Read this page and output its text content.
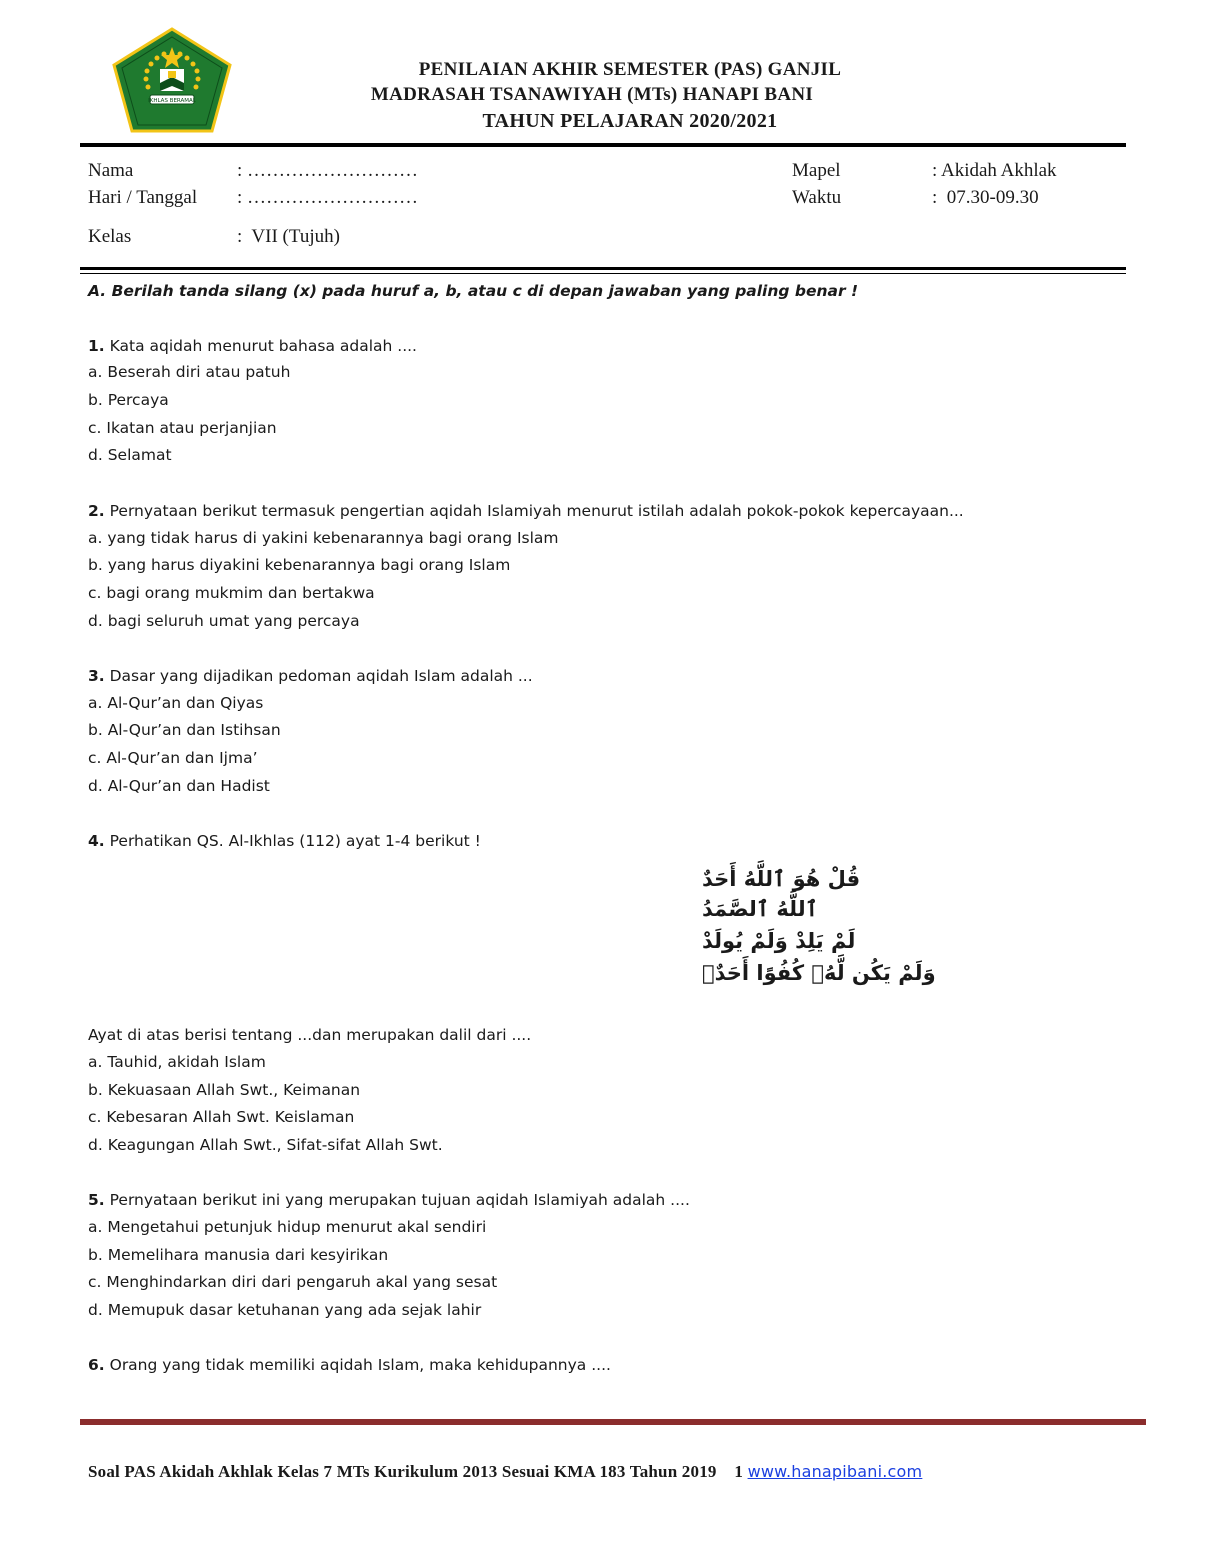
IKHLAS BERAMAL
PENILAIAN AKHIR SEMESTER (PAS) GANJIL
MADRASAH TSANAWIYAH (MTs) HANAPI BANI
TAHUN PELAJARAN 2020/2021
Nama	: ………………………
Hari / Tanggal : ………………………
Kelas	:  VII (Tujuh)
Mapel	: Akidah Akhlak
Waktu	:  07.30-09.30
A. Berilah tanda silang (x) pada huruf a, b, atau c di depan jawaban yang paling benar !
1. Kata aqidah menurut bahasa adalah ....
a. Beserah diri atau patuh
b. Percaya
c. Ikatan atau perjanjian
d. Selamat
2. Pernyataan berikut termasuk pengertian aqidah Islamiyah menurut istilah adalah pokok-pokok kepercayaan...
a. yang tidak harus di yakini kebenarannya bagi orang Islam
b. yang harus diyakini kebenarannya bagi orang Islam
c. bagi orang mukmim dan bertakwa
d. bagi seluruh umat yang percaya
3. Dasar yang dijadikan pedoman aqidah Islam adalah ...
a. Al-Qur’an dan Qiyas
b. Al-Qur’an dan Istihsan
c. Al-Qur’an dan Ijma’
d. Al-Qur’an dan Hadist
4. Perhatikan QS. Al-Ikhlas (112) ayat 1-4 berikut !
قُلْ هُوَ ٱللَّهُ أَحَدٌ
ٱللَّهُ ٱلصَّمَدُ
لَمْ يَلِدْ وَلَمْ يُولَدْ
وَلَمْ يَكُن لَّهُۥ كُفُوًا أَحَدٌۢ
Ayat di atas berisi tentang ...dan merupakan dalil dari ....
a. Tauhid, akidah Islam
b. Kekuasaan Allah Swt., Keimanan
c. Kebesaran Allah Swt. Keislaman
d. Keagungan Allah Swt., Sifat-sifat Allah Swt.
5. Pernyataan berikut ini yang merupakan tujuan aqidah Islamiyah adalah ....
a. Mengetahui petunjuk hidup menurut akal sendiri
b. Memelihara manusia dari kesyirikan
c. Menghindarkan diri dari pengaruh akal yang sesat
d. Memupuk dasar ketuhanan yang ada sejak lahir
6. Orang yang tidak memiliki aqidah Islam, maka kehidupannya ....
Soal PAS Akidah Akhlak Kelas 7 MTs Kurikulum 2013 Sesuai KMA 183 Tahun 2019    1 www.hanapibani.com
